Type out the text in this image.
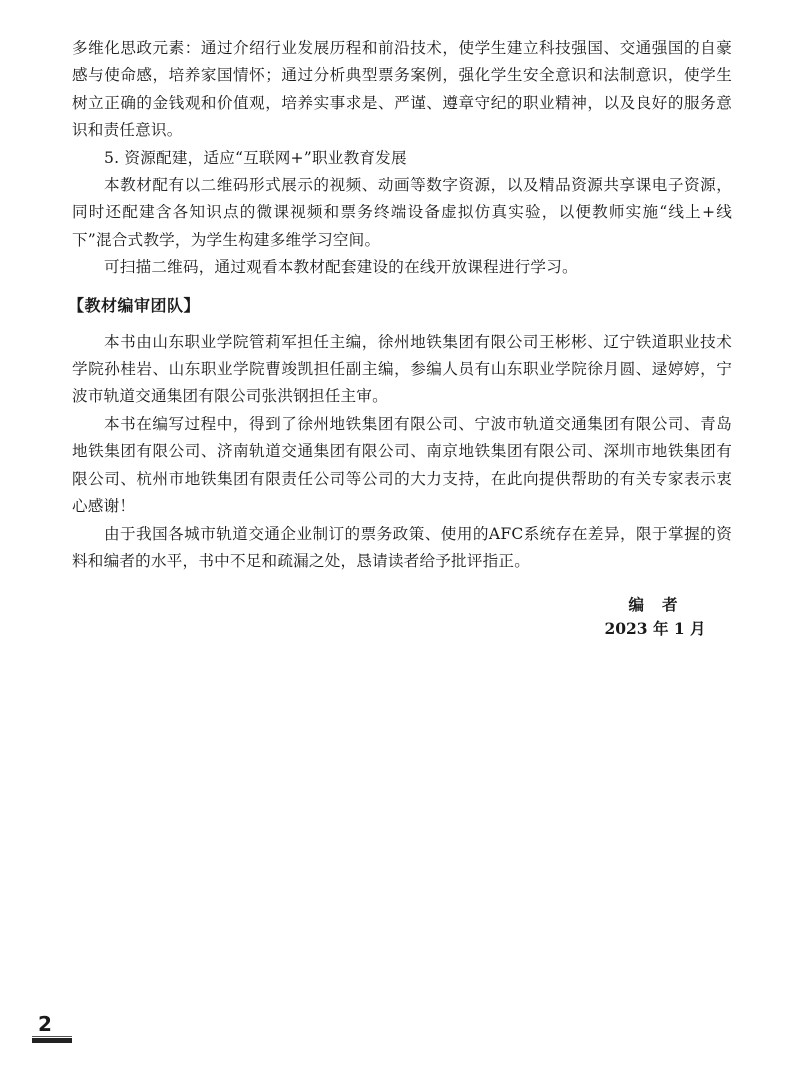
多维化思政元素：通过介绍行业发展历程和前沿技术，使学生建立科技强国、交通强国的自豪感与使命感，培养家国情怀；通过分析典型票务案例，强化学生安全意识和法制意识，使学生树立正确的金钱观和价值观，培养实事求是、严谨、遵章守纪的职业精神，以及良好的服务意识和责任意识。

5. 资源配建，适应“互联网+”职业教育发展

本教材配有以二维码形式展示的视频、动画等数字资源，以及精品资源共享课电子资源，同时还配建含各知识点的微课视频和票务终端设备虚拟仿真实验，以便教师实施“线上+线下”混合式教学，为学生构建多维学习空间。

可扫描二维码，通过观看本教材配套建设的在线开放课程进行学习。

【教材编审团队】

本书由山东职业学院管莉军担任主编，徐州地铁集团有限公司王彬彬、辽宁铁道职业技术学院孙桂岩、山东职业学院曹竣凯担任副主编，参编人员有山东职业学院徐月圆、逯婷婷，宁波市轨道交通集团有限公司张洪钢担任主审。

本书在编写过程中，得到了徐州地铁集团有限公司、宁波市轨道交通集团有限公司、青岛地铁集团有限公司、济南轨道交通集团有限公司、南京地铁集团有限公司、深圳市地铁集团有限公司、杭州市地铁集团有限责任公司等公司的大力支持，在此向提供帮助的有关专家表示衷心感谢！

由于我国各城市轨道交通企业制订的票务政策、使用的AFC系统存在差异，限于掌握的资料和编者的水平，书中不足和疏漏之处，恳请读者给予批评指正。

编者
2023 年 1 月
2
